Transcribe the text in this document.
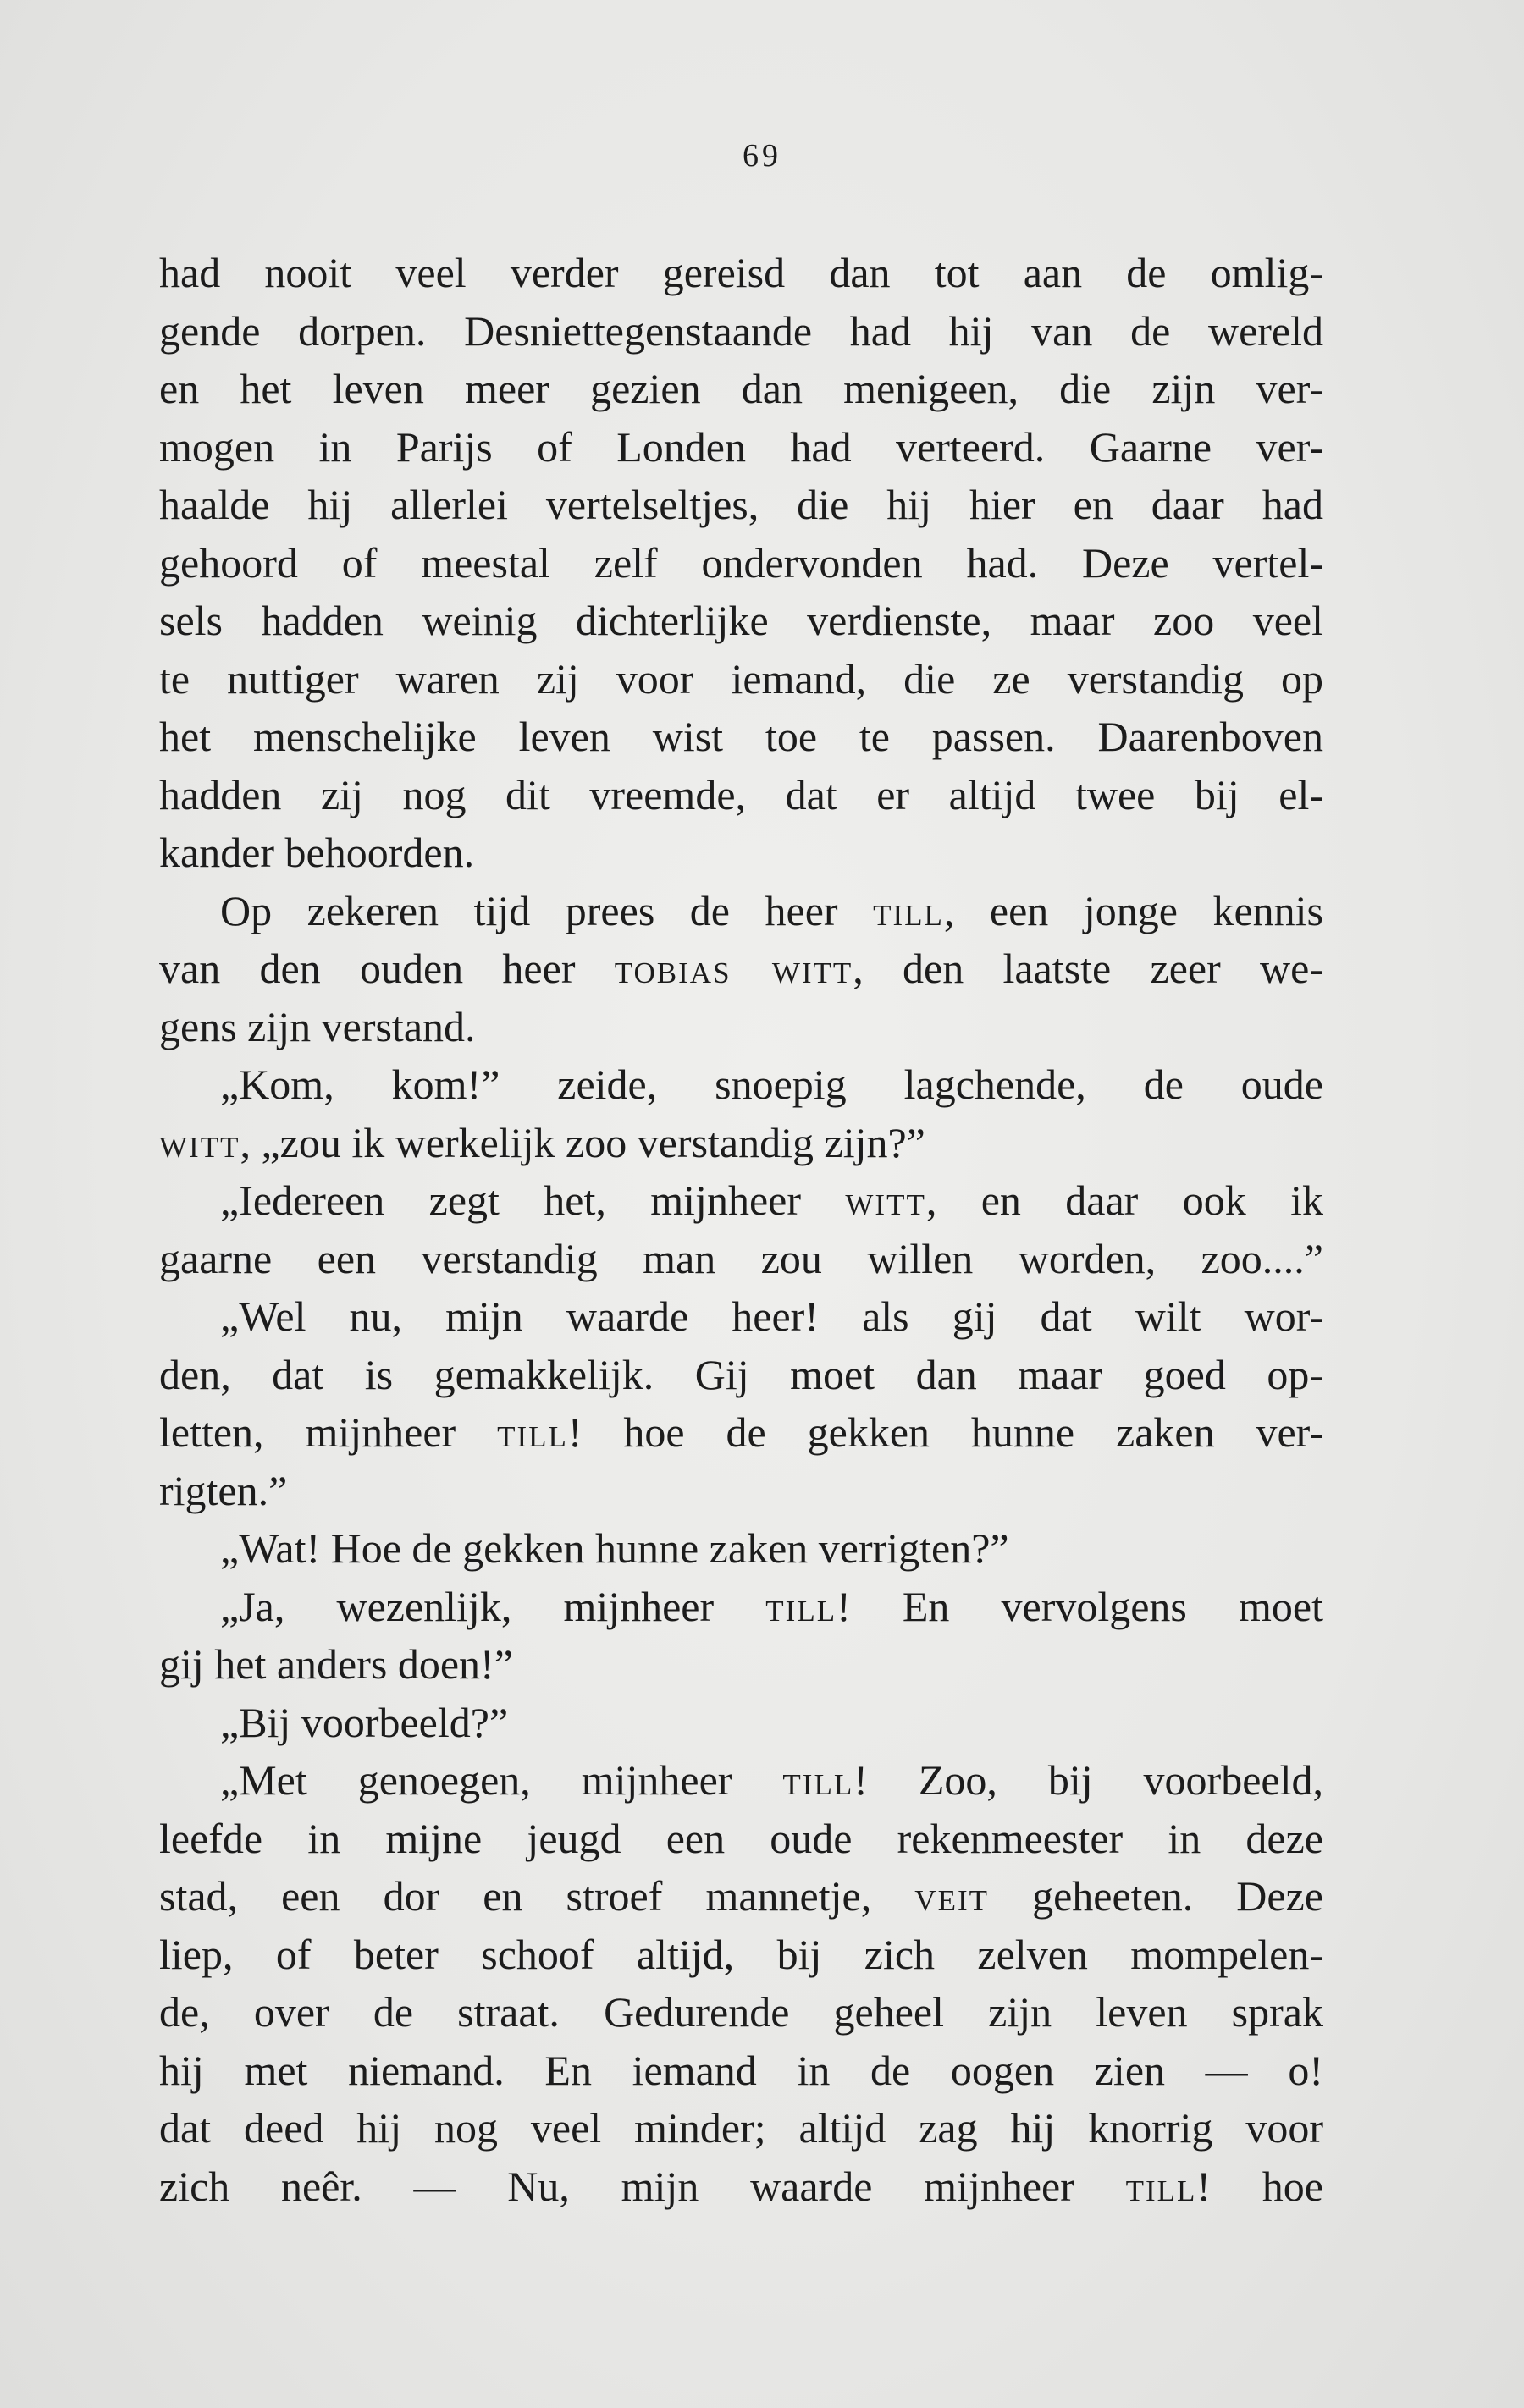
69
had nooit veel verder gereisd dan tot aan de omlig-
gende dorpen. Desniettegenstaande had hij van de wereld
en het leven meer gezien dan menigeen, die zijn ver-
mogen in Parijs of Londen had verteerd. Gaarne ver-
haalde hij allerlei vertelseltjes, die hij hier en daar had
gehoord of meestal zelf ondervonden had. Deze vertel-
sels hadden weinig dichterlijke verdienste, maar zoo veel
te nuttiger waren zij voor iemand, die ze verstandig op
het menschelijke leven wist toe te passen. Daarenboven
hadden zij nog dit vreemde, dat er altijd twee bij el-
kander behoorden.
Op zekeren tijd prees de heer till, een jonge kennis
van den ouden heer tobias witt, den laatste zeer we-
gens zijn verstand.
„Kom, kom!” zeide, snoepig lagchende, de oude
witt, „zou ik werkelijk zoo verstandig zijn?”
„Iedereen zegt het, mijnheer witt, en daar ook ik
gaarne een verstandig man zou willen worden, zoo....”
„Wel nu, mijn waarde heer! als gij dat wilt wor-
den, dat is gemakkelijk. Gij moet dan maar goed op-
letten, mijnheer till! hoe de gekken hunne zaken ver-
rigten.”
„Wat! Hoe de gekken hunne zaken verrigten?”
„Ja, wezenlijk, mijnheer till! En vervolgens moet
gij het anders doen!”
„Bij voorbeeld?”
„Met genoegen, mijnheer till! Zoo, bij voorbeeld,
leefde in mijne jeugd een oude rekenmeester in deze
stad, een dor en stroef mannetje, veit geheeten. Deze
liep, of beter schoof altijd, bij zich zelven mompelen-
de, over de straat. Gedurende geheel zijn leven sprak
hij met niemand. En iemand in de oogen zien — o!
dat deed hij nog veel minder; altijd zag hij knorrig voor
zich neêr. — Nu, mijn waarde mijnheer till! hoe
